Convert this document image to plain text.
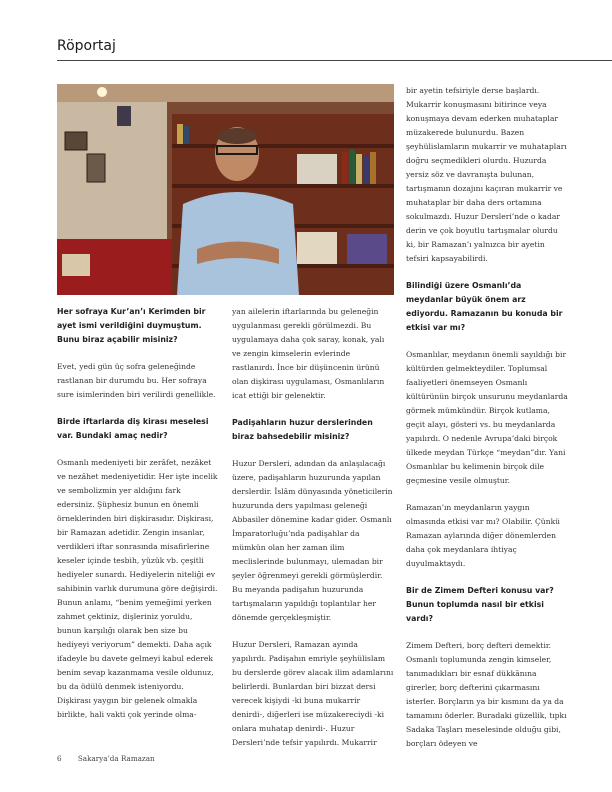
Röportaj

Her sofraya Kur’an’ı Kerimden bir ayet ismi verildiğini duymuştum. Bunu biraz açabilir misiniz?

Evet, yedi gün üç sofra geleneğinde rastlanan bir durumdu bu. Her sofraya sure isimlerinden biri verilirdi genellikle.

Birde iftarlarda diş kirası meselesi var. Bundaki amaç nedir?

Osmanlı medeniyeti bir zerâfet, nezâket ve nezâhet medeniyetidir. Her işte incelik ve sembolizmin yer aldığını fark edersiniz. Şüphesiz bunun en önemli örneklerinden biri dişkirasıdır. Dişkirası, bir Ramazan adetidir. Zengin insanlar, verdikleri iftar sonrasında misafirlerine keseler içinde tesbih, yüzük vb. çeşitli hediyeler sunardı. Hediyelerin niteliği ev sahibinin varlık durumuna göre değişirdi. Bunun anlamı, “benim yemeğimi yerken zahmet çektiniz, dişleriniz yoruldu, bunun karşılığı olarak ben size bu hediyeyi veriyorum” demekti. Daha açık ifadeyle bu davete gelmeyi kabul ederek benim sevap kazanmama vesile oldunuz, bu da ödülü denmek isteniyordu. Dişkirası yaygın bir gelenek olmakla birlikte, hali vakti çok yerinde olma-

yan ailelerin iftarlarında bu geleneğin uygulanması gerekli görülmezdi. Bu uygulamaya daha çok saray, konak, yalı ve zengin kimselerin evlerinde rastlanırdı. İnce bir düşüncenin ürünü olan dişkirası uygulaması, Osmanlıların icat ettiği bir gelenektir.

Padişahların huzur derslerinden biraz bahsedebilir misiniz?

Huzur Dersleri, adından da anlaşılacağı üzere, padişahların huzurunda yapılan derslerdir. İslâm dünyasında yöneticilerin huzurunda ders yapılması geleneği Abbasiler dönemine kadar gider. Osmanlı İmparatorluğu’nda padişahlar da mümkün olan her zaman ilim meclislerinde bulunmayı, ulemadan bir şeyler öğrenmeyi gerekli görmüşlerdir. Bu meyanda padişahın huzurunda tartışmaların yapıldığı toplantılar her dönemde gerçekleşmiştir.

Huzur Dersleri, Ramazan ayında yapılırdı. Padişahın emriyle şeyhülislam bu derslerde görev alacak ilim adamlarını belirlerdi. Bunlardan biri bizzat dersi verecek kişiydi -ki buna mukarrir denirdi-, diğerleri ise müzakereciydi -ki onlara muhatap denirdi-. Huzur Dersleri’nde tefsir yapılırdı. Mukarrir

bir ayetin tefsiriyle derse başlardı. Mukarrir konuşmasını bitirince veya konuşmaya devam ederken muhataplar müzakerede bulunurdu. Bazen şeyhülislamların mukarrir ve muhatapları doğru seçmedikleri olurdu. Huzurda yersiz söz ve davranışta bulunan, tartışmanın dozajını kaçıran mukarrir ve muhataplar bir daha ders ortamına sokulmazdı. Huzur Dersleri’nde o kadar derin ve çok boyutlu tartışmalar olurdu ki, bir Ramazan’ı yalnızca bir ayetin tefsiri kapsayabilirdi.

Bilindiği üzere Osmanlı’da meydanlar büyük önem arz ediyordu. Ramazanın bu konuda bir etkisi var mı?

Osmanlılar, meydanın önemli sayıldığı bir kültürden gelmekteydiler. Toplumsal faaliyetleri önemseyen Osmanlı kültürünün birçok unsurunu meydanlarda görmek mümkündür. Birçok kutlama, geçit alayı, gösteri vs. bu meydanlarda yapılırdı. O nedenle Avrupa’daki birçok ülkede meydan Türkçe “meydan”dır. Yani Osmanlılar bu kelimenin birçok dile geçmesine vesile olmuştur.

Ramazan’ın meydanların yaygın olmasında etkisi var mı? Olabilir. Çünkü Ramazan aylarında diğer dönemlerden daha çok meydanlara ihtiyaç duyulmaktaydı.

Bir de Zimem Defteri konusu var? Bunun toplumda nasıl bir etkisi vardı?

Zimem Defteri, borç defteri demektir. Osmanlı toplumunda zengin kimseler, tanımadıkları bir esnaf dükkânına girerler, borç defterini çıkarmasını isterler. Borçların ya bir kısmını da ya da tamamını öderler. Buradaki güzellik, tıpkı Sadaka Taşları meselesinde olduğu gibi, borçları ödeyen ve

6 Sakarya’da Ramazan
